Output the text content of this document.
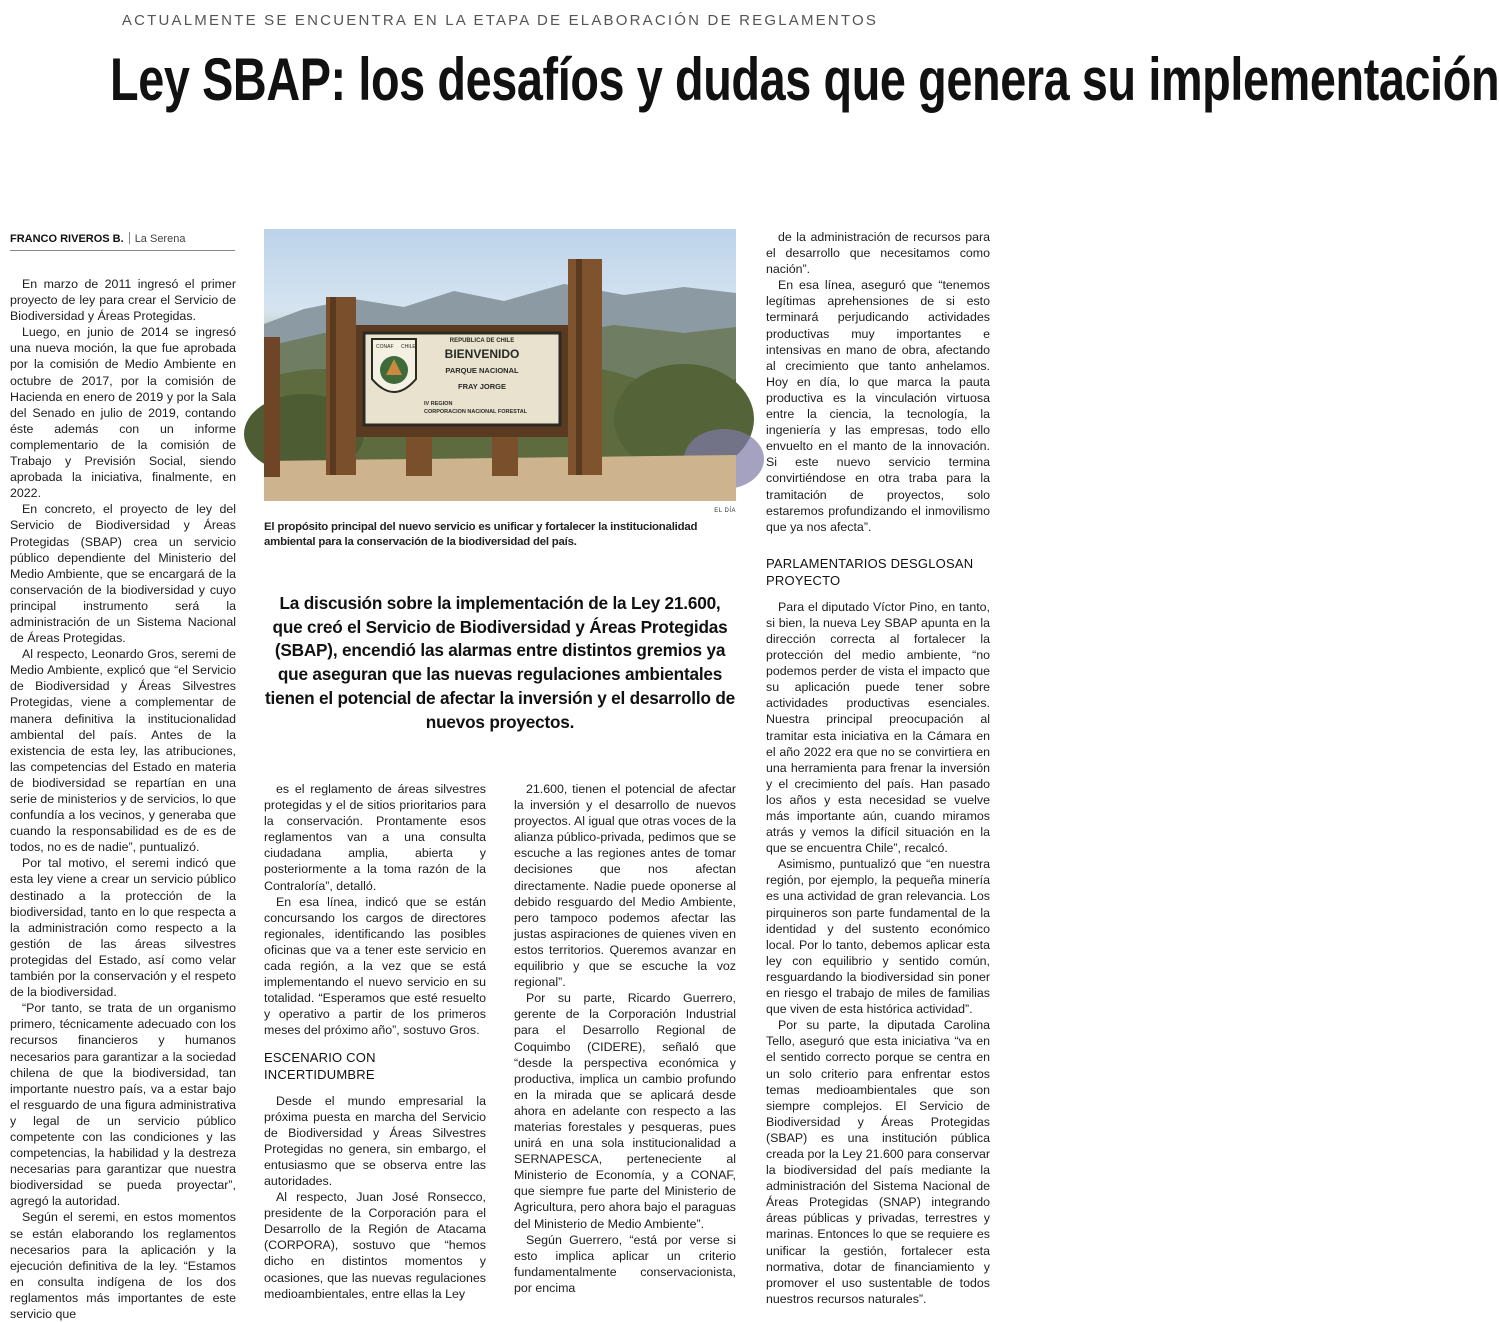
ACTUALMENTE SE ENCUENTRA EN LA ETAPA DE ELABORACIÓN DE REGLAMENTOS
Ley SBAP: los desafíos y dudas que genera su implementación
FRANCO RIVEROS B. La Serena

En marzo de 2011 ingresó el primer proyecto de ley para crear el Servicio de Biodiversidad y Áreas Protegidas.

Luego, en junio de 2014 se ingresó una nueva moción, la que fue aprobada por la comisión de Medio Ambiente en octubre de 2017, por la comisión de Hacienda en enero de 2019 y por la Sala del Senado en julio de 2019, contando éste además con un informe complementario de la comisión de Trabajo y Previsión Social, siendo aprobada la iniciativa, finalmente, en 2022.

En concreto, el proyecto de ley del Servicio de Biodiversidad y Áreas Protegidas (SBAP) crea un servicio público dependiente del Ministerio del Medio Ambiente, que se encargará de la conservación de la biodiversidad y cuyo principal instrumento será la administración de un Sistema Nacional de Áreas Protegidas.

Al respecto, Leonardo Gros, seremi de Medio Ambiente, explicó que “el Servicio de Biodiversidad y Áreas Silvestres Protegidas, viene a complementar de manera definitiva la institucionalidad ambiental del país. Antes de la existencia de esta ley, las atribuciones, las competencias del Estado en materia de biodiversidad se repartían en una serie de ministerios y de servicios, lo que confundía a los vecinos, y generaba que cuando la responsabilidad es de es de todos, no es de nadie”, puntualizó.

Por tal motivo, el seremi indicó que esta ley viene a crear un servicio público destinado a la protección de la biodiversidad, tanto en lo que respecta a la administración como respecto a la gestión de las áreas silvestres protegidas del Estado, así como velar también por la conservación y el respeto de la biodiversidad.

“Por tanto, se trata de un organismo primero, técnicamente adecuado con los recursos financieros y humanos necesarios para garantizar a la sociedad chilena de que la biodiversidad, tan importante nuestro país, va a estar bajo el resguardo de una figura administrativa y legal de un servicio público competente con las condiciones y las competencias, la habilidad y la destreza necesarias para garantizar que nuestra biodiversidad se pueda proyectar”, agregó la autoridad.

Según el seremi, en estos momentos se están elaborando los reglamentos necesarios para la aplicación y la ejecución definitiva de la ley. “Estamos en consulta indígena de los dos reglamentos más importantes de este servicio que

CONAF CHILE
REPUBLICA DE CHILE
BIENVENIDO
PARQUE NACIONAL
FRAY JORGE
IV REGION
CORPORACION NACIONAL FORESTAL
EL DÍA
El propósito principal del nuevo servicio es unificar y fortalecer la institucionalidad ambiental para la conservación de la biodiversidad del país.
La discusión sobre la implementación de la Ley 21.600, que creó el Servicio de Biodiversidad y Áreas Protegidas (SBAP), encendió las alarmas entre distintos gremios ya que aseguran que las nuevas regulaciones ambientales tienen el potencial de afectar la inversión y el desarrollo de nuevos proyectos.

es el reglamento de áreas silvestres protegidas y el de sitios prioritarios para la conservación. Prontamente esos reglamentos van a una consulta ciudadana amplia, abierta y posteriormente a la toma razón de la Contraloría”, detalló.

En esa línea, indicó que se están concursando los cargos de directores regionales, identificando las posibles oficinas que va a tener este servicio en cada región, a la vez que se está implementando el nuevo servicio en su totalidad. “Esperamos que esté resuelto y operativo a partir de los primeros meses del próximo año”, sostuvo Gros.

ESCENARIO CON INCERTIDUMBRE

Desde el mundo empresarial la próxima puesta en marcha del Servicio de Biodiversidad y Áreas Silvestres Protegidas no genera, sin embargo, el entusiasmo que se observa entre las autoridades.

Al respecto, Juan José Ronsecco, presidente de la Corporación para el Desarrollo de la Región de Atacama (CORPORA), sostuvo que “hemos dicho en distintos momentos y ocasiones, que las nuevas regulaciones medioambientales, entre ellas la Ley

21.600, tienen el potencial de afectar la inversión y el desarrollo de nuevos proyectos. Al igual que otras voces de la alianza público-privada, pedimos que se escuche a las regiones antes de tomar decisiones que nos afectan directamente. Nadie puede oponerse al debido resguardo del Medio Ambiente, pero tampoco podemos afectar las justas aspiraciones de quienes viven en estos territorios. Queremos avanzar en equilibrio y que se escuche la voz regional”.

Por su parte, Ricardo Guerrero, gerente de la Corporación Industrial para el Desarrollo Regional de Coquimbo (CIDERE), señaló que “desde la perspectiva económica y productiva, implica un cambio profundo en la mirada que se aplicará desde ahora en adelante con respecto a las materias forestales y pesqueras, pues unirá en una sola institucionalidad a SERNAPESCA, perteneciente al Ministerio de Economía, y a CONAF, que siempre fue parte del Ministerio de Agricultura, pero ahora bajo el paraguas del Ministerio de Medio Ambiente”.

Según Guerrero, “está por verse si esto implica aplicar un criterio fundamentalmente conservacionista, por encima

de la administración de recursos para el desarrollo que necesitamos como nación”.

En esa línea, aseguró que “tenemos legítimas aprehensiones de si esto terminará perjudicando actividades productivas muy importantes e intensivas en mano de obra, afectando al crecimiento que tanto anhelamos. Hoy en día, lo que marca la pauta productiva es la vinculación virtuosa entre la ciencia, la tecnología, la ingeniería y las empresas, todo ello envuelto en el manto de la innovación. Si este nuevo servicio termina convirtiéndose en otra traba para la tramitación de proyectos, solo estaremos profundizando el inmovilismo que ya nos afecta”.

PARLAMENTARIOS DESGLOSAN PROYECTO

Para el diputado Víctor Pino, en tanto, si bien, la nueva Ley SBAP apunta en la dirección correcta al fortalecer la protección del medio ambiente, “no podemos perder de vista el impacto que su aplicación puede tener sobre actividades productivas esenciales. Nuestra principal preocupación al tramitar esta iniciativa en la Cámara en el año 2022 era que no se convirtiera en una herramienta para frenar la inversión y el crecimiento del país. Han pasado los años y esta necesidad se vuelve más importante aún, cuando miramos atrás y vemos la difícil situación en la que se encuentra Chile”, recalcó.

Asimismo, puntualizó que “en nuestra región, por ejemplo, la pequeña minería es una actividad de gran relevancia. Los pirquineros son parte fundamental de la identidad y del sustento económico local. Por lo tanto, debemos aplicar esta ley con equilibrio y sentido común, resguardando la biodiversidad sin poner en riesgo el trabajo de miles de familias que viven de esta histórica actividad”.

Por su parte, la diputada Carolina Tello, aseguró que esta iniciativa “va en el sentido correcto porque se centra en un solo criterio para enfrentar estos temas medioambientales que son siempre complejos. El Servicio de Biodiversidad y Áreas Protegidas (SBAP) es una institución pública creada por la Ley 21.600 para conservar la biodiversidad del país mediante la administración del Sistema Nacional de Áreas Protegidas (SNAP) integrando áreas públicas y privadas, terrestres y marinas. Entonces lo que se requiere es unificar la gestión, fortalecer esta normativa, dotar de financiamiento y promover el uso sustentable de todos nuestros recursos naturales”.
